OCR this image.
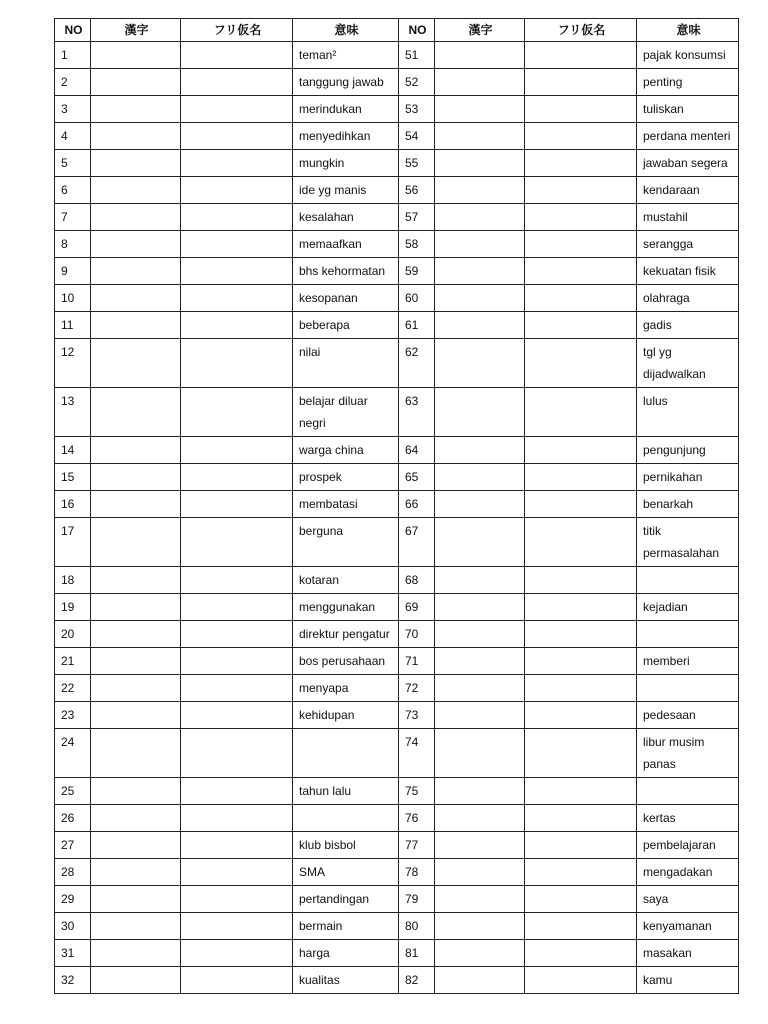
NO	漢字	フリ仮名	意味	NO	漢字	フリ仮名	意味
1			teman²	51			pajak konsumsi
2			tanggung jawab	52			penting
3			merindukan	53			tuliskan
4			menyedihkan	54			perdana menteri
5			mungkin	55			jawaban segera
6			ide yg manis	56			kendaraan
7			kesalahan	57			mustahil
8			memaafkan	58			serangga
9			bhs kehormatan	59			kekuatan fisik
10			kesopanan	60			olahraga
11			beberapa	61			gadis
12			nilai	62			tgl yg dijadwalkan
13			belajar diluar negri	63			lulus
14			warga china	64			pengunjung
15			prospek	65			pernikahan
16			membatasi	66			benarkah
17			berguna	67			titik permasalahan
18			kotaran	68			
19			menggunakan	69			kejadian
20			direktur pengatur	70			
21			bos perusahaan	71			memberi
22			menyapa	72			
23			kehidupan	73			pedesaan
24				74			libur musim panas
25			tahun lalu	75			
26				76			kertas
27			klub bisbol	77			pembelajaran
28			SMA	78			mengadakan
29			pertandingan	79			saya
30			bermain	80			kenyamanan
31			harga	81			masakan
32			kualitas	82			kamu
